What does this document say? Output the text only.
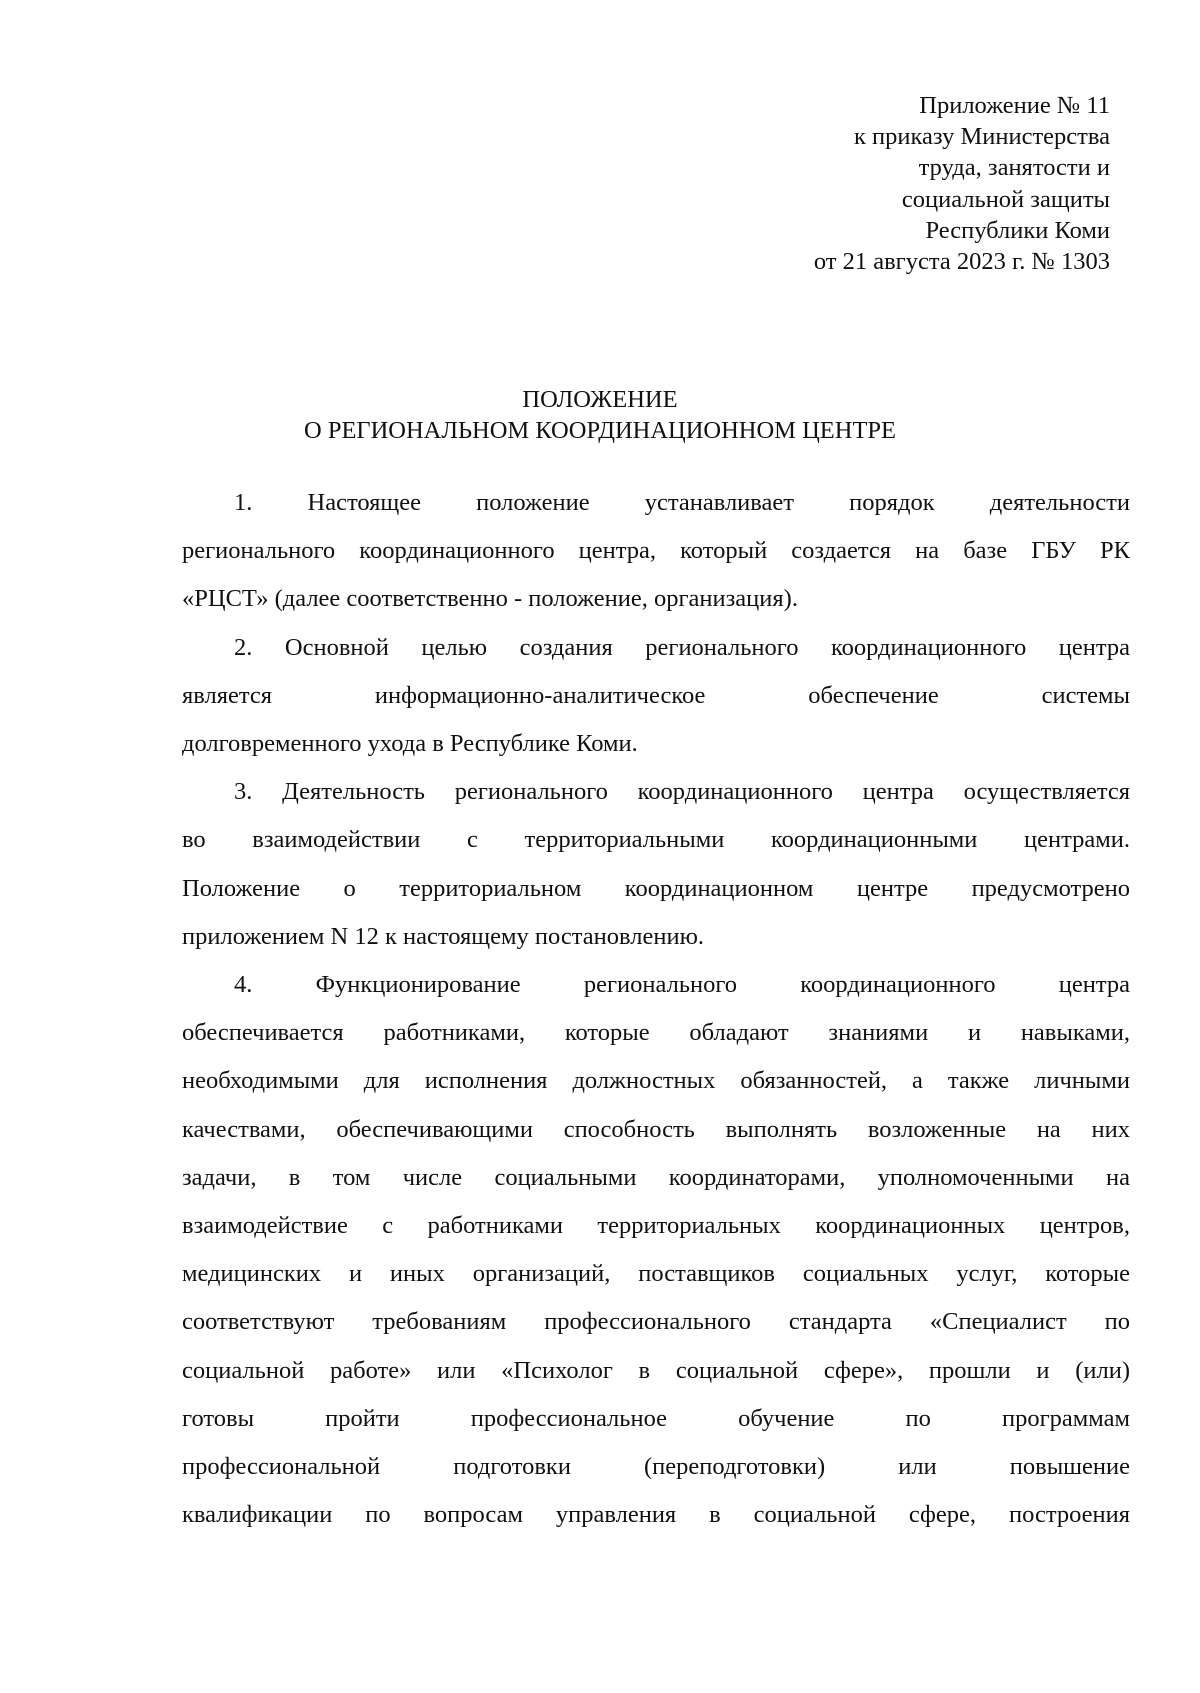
Приложение № 11
к приказу Министерства
труда, занятости и
социальной защиты
Республики Коми
от 21 августа 2023 г. № 1303
ПОЛОЖЕНИЕ
О РЕГИОНАЛЬНОМ КООРДИНАЦИОННОМ ЦЕНТРЕ
1. Настоящее положение устанавливает порядок деятельности
регионального координационного центра, который создается на базе ГБУ РК
«РЦСТ» (далее соответственно - положение, организация).
2. Основной целью создания регионального координационного центра
является информационно-аналитическое обеспечение системы
долговременного ухода в Республике Коми.
3. Деятельность регионального координационного центра осуществляется
во взаимодействии с территориальными координационными центрами.
Положение о территориальном координационном центре предусмотрено
приложением N 12 к настоящему постановлению.
4. Функционирование регионального координационного центра
обеспечивается работниками, которые обладают знаниями и навыками,
необходимыми для исполнения должностных обязанностей, а также личными
качествами, обеспечивающими способность выполнять возложенные на них
задачи, в том числе социальными координаторами, уполномоченными на
взаимодействие с работниками территориальных координационных центров,
медицинских и иных организаций, поставщиков социальных услуг, которые
соответствуют требованиям профессионального стандарта «Специалист по
социальной работе» или «Психолог в социальной сфере», прошли и (или)
готовы пройти профессиональное обучение по программам
профессиональной подготовки (переподготовки) или повышение
квалификации по вопросам управления в социальной сфере, построения
